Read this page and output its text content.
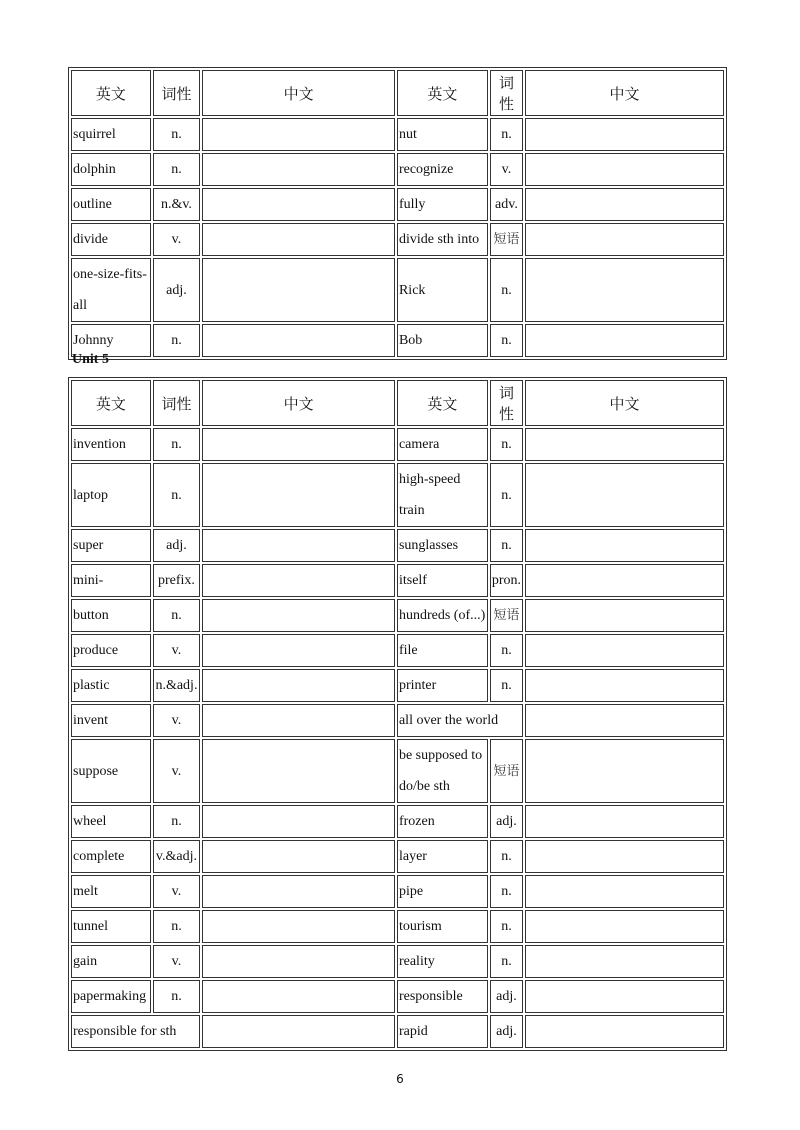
英文	词性	中文	英文	词性	中文
squirrel	n.		nut	n.	
dolphin	n.		recognize	v.	
outline	n.&v.		fully	adv.	
divide	v.		divide sth into	短语	
one-size-fits-all	adj.		Rick	n.	
Johnny	n.		Bob	n.	
Unit 5
英文	词性	中文	英文	词性	中文
invention	n.		camera	n.	
laptop	n.		high-speed train	n.	
super	adj.		sunglasses	n.	
mini-	prefix.		itself	pron.	
button	n.		hundreds (of...)	短语	
produce	v.		file	n.	
plastic	n.&adj.		printer	n.	
invent	v.		all over the world		
suppose	v.		be supposed to do/be sth	短语	
wheel	n.		frozen	adj.	
complete	v.&adj.		layer	n.	
melt	v.		pipe	n.	
tunnel	n.		tourism	n.	
gain	v.		reality	n.	
papermaking	n.		responsible	adj.	
responsible for sth			rapid	adj.	
6
